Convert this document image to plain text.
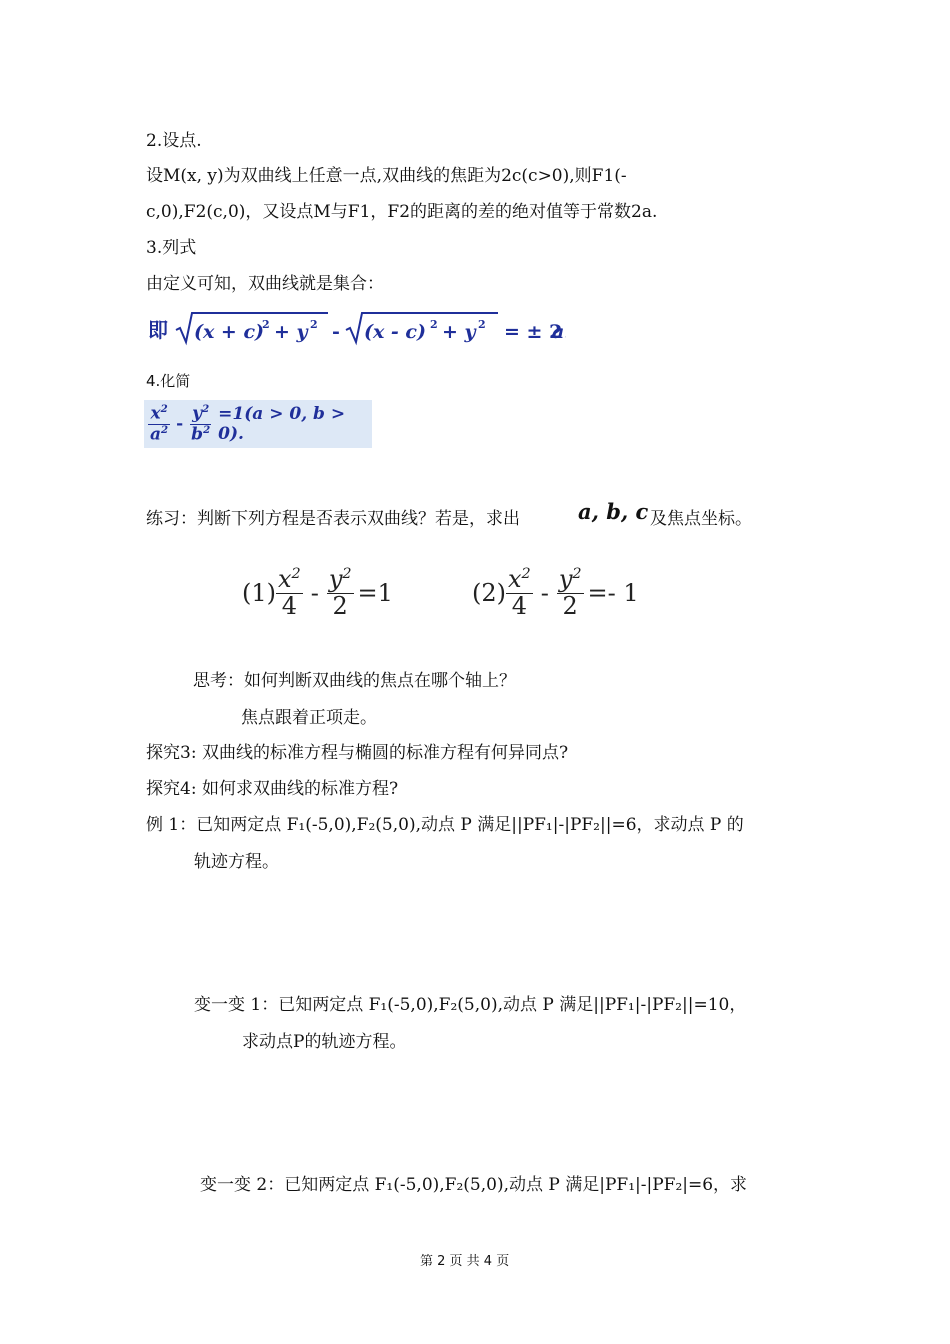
2.设点.
设M(x, y)为双曲线上任意一点,双曲线的焦距为2c(c>0),则F1(-
c,0),F2(c,0)，又设点M与F1，F2的距离的差的绝对值等于常数2a.
3.列式
由定义可知，双曲线就是集合：
即 (x + c)
2 + y 2 - (x - c) 2 + y 2 = ± 2
a
4.化简
$\frac{x^2}{a^2} - \frac{y^2}{b^2} =1(a > 0$, b > 0).
练习：判断下列方程是否表示双曲线？若是，求出	a, b, c 及焦点坐标。
$(1) \frac{x^2}{4} - \frac{y^2}{2} =1$	$(2) \frac{x^2}{4} - \frac{y^2}{2} =- 1$
思考：如何判断双曲线的焦点在哪个轴上？
焦点跟着正项走。
探究3: 双曲线的标准方程与椭圆的标准方程有何异同点?
探究4: 如何求双曲线的标准方程?
例 1：已知两定点 F₁(-5,0),F₂(5,0),动点 P 满足||PF₁|-|PF₂||=6，求动点 P 的
轨迹方程。
变一变 1：已知两定点 F₁(-5,0),F₂(5,0),动点 P 满足||PF₁|-|PF₂||=10，
求动点P的轨迹方程。
变一变 2：已知两定点 F₁(-5,0),F₂(5,0),动点 P 满足|PF₁|-|PF₂|=6，求
第 2 页 共 4 页
